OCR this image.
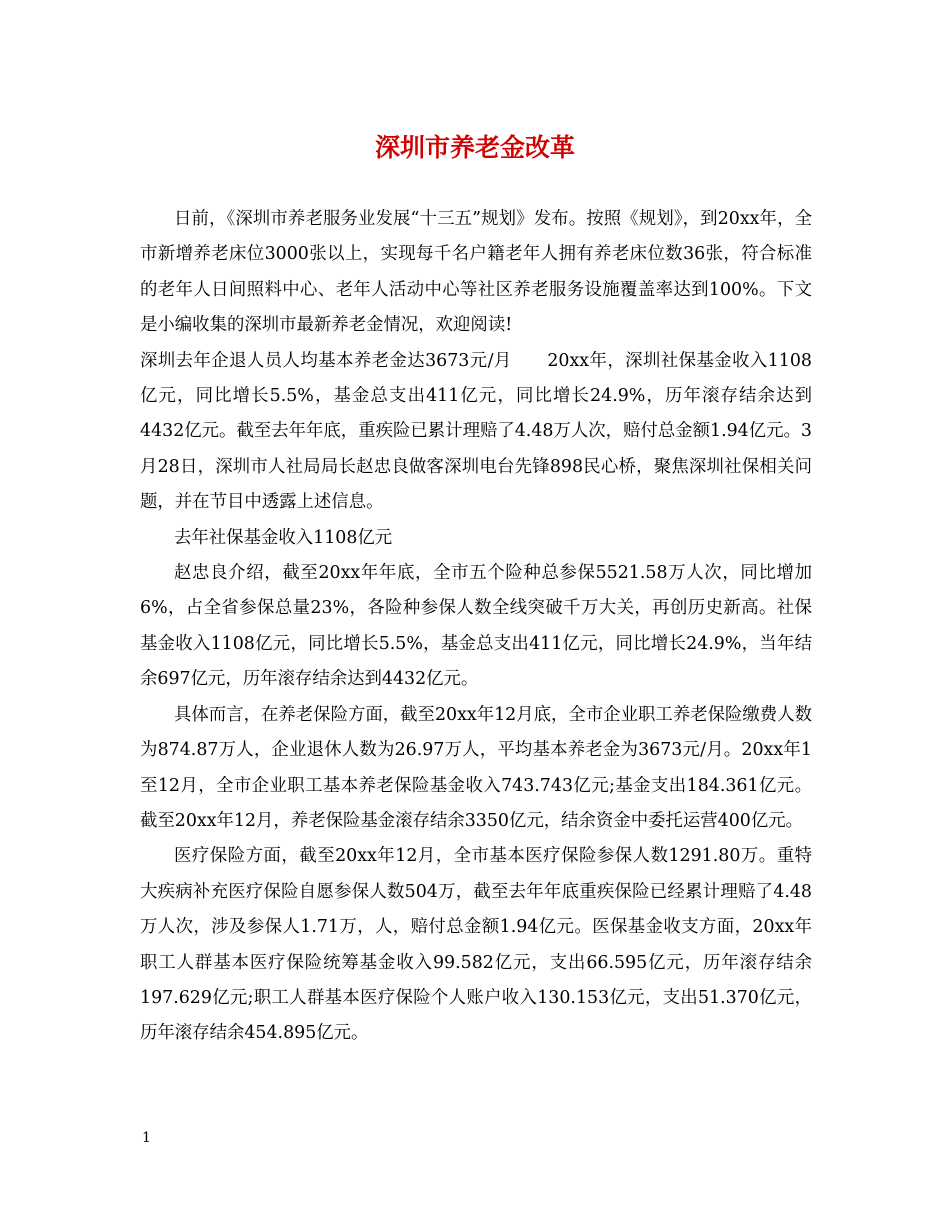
深圳市养老金改革

日前，《深圳市养老服务业发展“十三五”规划》发布。按照《规划》，到20xx年，全市新增养老床位3000张以上，实现每千名户籍老年人拥有养老床位数36张，符合标准的老年人日间照料中心、老年人活动中心等社区养老服务设施覆盖率达到100%。下文是小编收集的深圳市最新养老金情况，欢迎阅读!

深圳去年企退人员人均基本养老金达3673元/月　　20xx年，深圳社保基金收入1108亿元，同比增长5.5%，基金总支出411亿元，同比增长24.9%，历年滚存结余达到4432亿元。截至去年年底，重疾险已累计理赔了4.48万人次，赔付总金额1.94亿元。3月28日，深圳市人社局局长赵忠良做客深圳电台先锋898民心桥，聚焦深圳社保相关问题，并在节目中透露上述信息。

去年社保基金收入1108亿元

赵忠良介绍，截至20xx年年底，全市五个险种总参保5521.58万人次，同比增加6%，占全省参保总量23%，各险种参保人数全线突破千万大关，再创历史新高。社保基金收入1108亿元，同比增长5.5%，基金总支出411亿元，同比增长24.9%，当年结余697亿元，历年滚存结余达到4432亿元。

具体而言，在养老保险方面，截至20xx年12月底，全市企业职工养老保险缴费人数为874.87万人，企业退休人数为26.97万人，平均基本养老金为3673元/月。20xx年1至12月，全市企业职工基本养老保险基金收入743.743亿元;基金支出184.361亿元。截至20xx年12月，养老保险基金滚存结余3350亿元，结余资金中委托运营400亿元。

医疗保险方面，截至20xx年12月，全市基本医疗保险参保人数1291.80万。重特大疾病补充医疗保险自愿参保人数504万，截至去年年底重疾保险已经累计理赔了4.48万人次，涉及参保人1.71万，人，赔付总金额1.94亿元。医保基金收支方面，20xx年职工人群基本医疗保险统筹基金收入99.582亿元，支出66.595亿元，历年滚存结余197.629亿元;职工人群基本医疗保险个人账户收入130.153亿元，支出51.370亿元，历年滚存结余454.895亿元。

1
